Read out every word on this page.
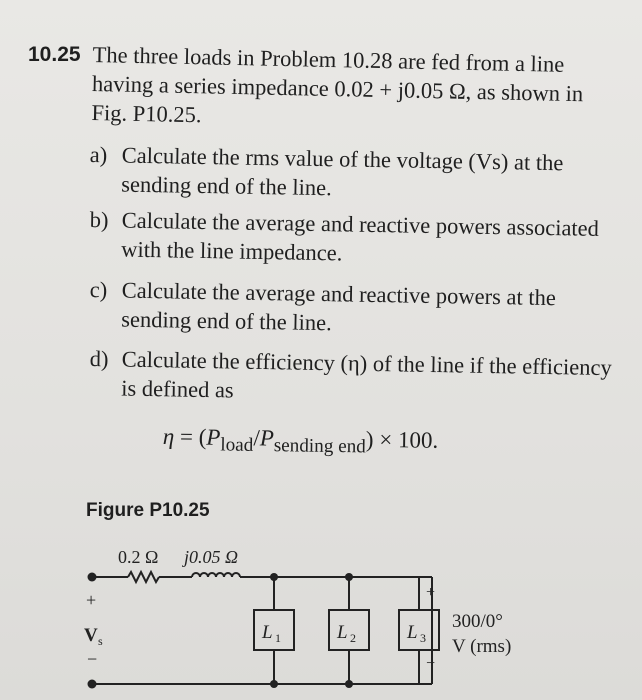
10.25 The three loads in Problem 10.28 are fed from a line having a series impedance 0.02 + j0.05 Ω, as shown in Fig. P10.25.
a) Calculate the rms value of the voltage (Vs) at the sending end of the line.
b) Calculate the average and reactive powers associated with the line impedance.
c) Calculate the average and reactive powers at the sending end of the line.
d) Calculate the efficiency (η) of the line if the efficiency is defined as
$\eta = (P_{load}/P_{sending end}) \times 100$.
Figure P10.25
0.2 Ω j0.05 Ω
+
V s
−
L 1	L 2	L 3
+
−
300/0°
V (rms)
